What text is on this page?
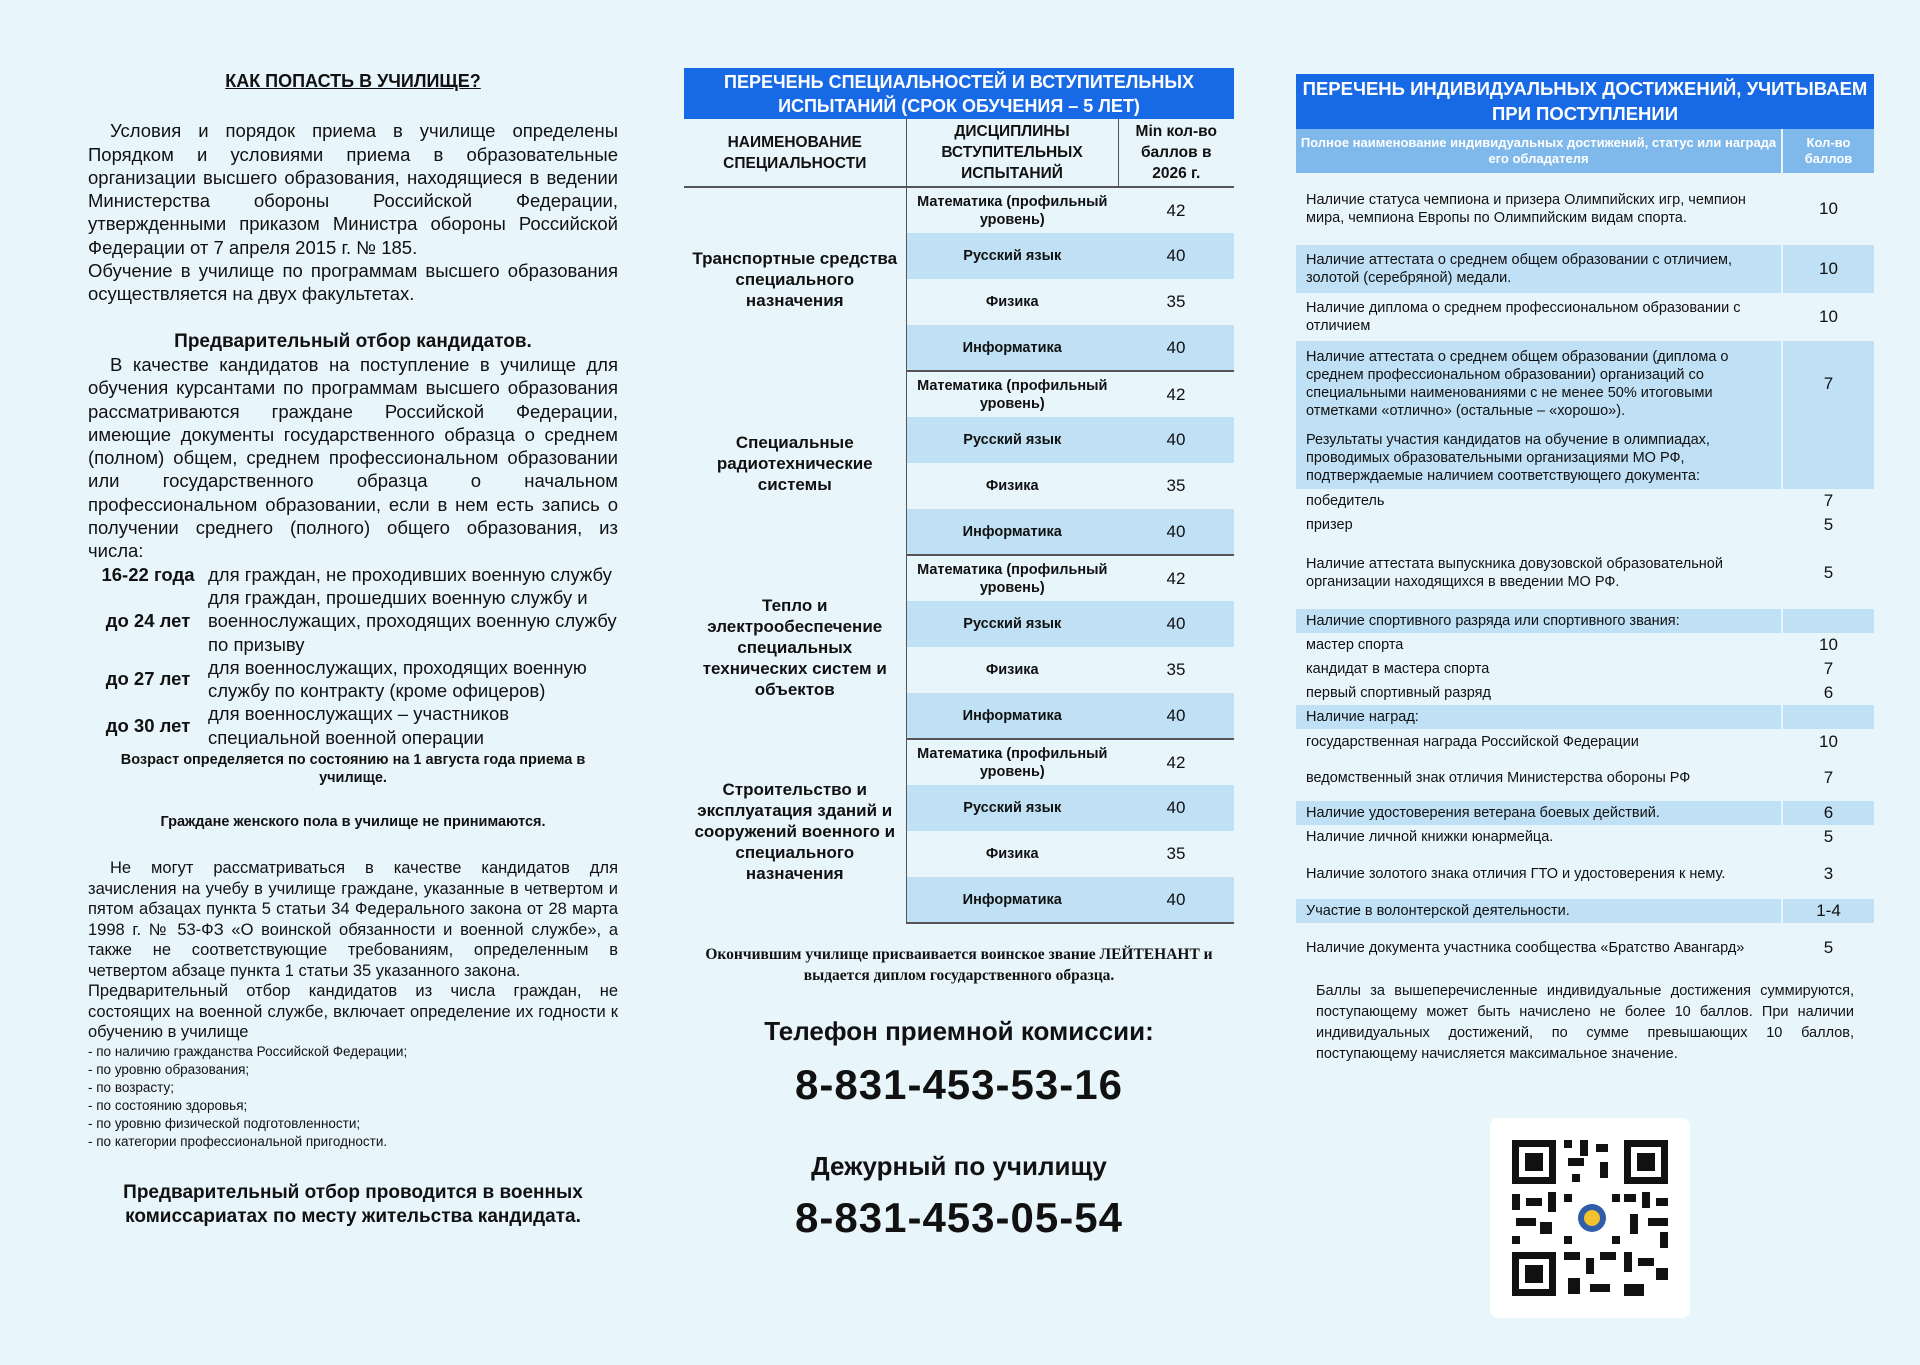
КАК ПОПАСТЬ В УЧИЛИЩЕ?

Условия и порядок приема в училище определены Порядком и условиями приема в образовательные организации высшего образования, находящиеся в ведении Министерства обороны Российской Федерации, утвержденными приказом Министра обороны Российской Федерации от 7 апреля 2015 г. № 185.

Обучение в училище по программам высшего образования осуществляется на двух факультетах.

Предварительный отбор кандидатов.

В качестве кандидатов на поступление в училище для обучения курсантами по программам высшего образования рассматриваются граждане Российской Федерации, имеющие документы государственного образца о среднем (полном) общем, среднем профессиональном образовании или государственного образца о начальном профессиональном образовании, если в нем есть запись о получении среднего (полного) общего образования, из числа:

16-22 года	для граждан, не проходивших военную службу
до 24 лет	для граждан, прошедших военную службу и военнослужащих, проходящих военную службу по призыву
до 27 лет	для военнослужащих, проходящих военную службу по контракту (кроме офицеров)
до 30 лет	для военнослужащих – участников специальной военной операции
Возраст определяется по состоянию на 1 августа года приема в училище.
Граждане женского пола в училище не принимаются.

Не могут рассматриваться в качестве кандидатов для зачисления на учебу в училище граждане, указанные в четвертом и пятом абзацах пункта 5 статьи 34 Федерального закона от 28 марта 1998 г. № 53-ФЗ «О воинской обязанности и военной службе», а также не соответствующие требованиям, определенным в четвертом абзаце пункта 1 статьи 35 указанного закона.

Предварительный отбор кандидатов из числа граждан, не состоящих на военной службе, включает определение их годности к обучению в училище

- по наличию гражданства Российской Федерации;
- по уровню образования;
- по возрасту;
- по состоянию здоровья;
- по уровню физической подготовленности;
- по категории профессиональной пригодности.
Предварительный отбор проводится в военных комиссариатах по месту жительства кандидата.
ПЕРЕЧЕНЬ СПЕЦИАЛЬНОСТЕЙ И ВСТУПИТЕЛЬНЫХ ИСПЫТАНИЙ (СРОК ОБУЧЕНИЯ – 5 ЛЕТ)
НАИМЕНОВАНИЕ СПЕЦИАЛЬНОСТИ	ДИСЦИПЛИНЫ ВСТУПИТЕЛЬНЫХ ИСПЫТАНИЙ	Min кол-во баллов в 2026 г.
Транспортные средства специального назначения	Математика (профильный уровень)	42
	Русский язык	40
	Физика	35
	Информатика	40
Специальные радиотехнические системы	Математика (профильный уровень)	42
	Русский язык	40
	Физика	35
	Информатика	40
Тепло и электрообеспечение специальных технических систем и объектов	Математика (профильный уровень)	42
	Русский язык	40
	Физика	35
	Информатика	40
Строительство и эксплуатация зданий и сооружений военного и специального назначения	Математика (профильный уровень)	42
	Русский язык	40
	Физика	35
	Информатика	40
Окончившим училище присваивается воинское звание ЛЕЙТЕНАНТ и выдается диплом государственного образца.
Телефон приемной комиссии:
8-831-453-53-16
Дежурный по училищу
8-831-453-05-54
ПЕРЕЧЕНЬ ИНДИВИДУАЛЬНЫХ ДОСТИЖЕНИЙ, УЧИТЫВАЕМ ПРИ ПОСТУПЛЕНИИ
Полное наименование индивидуальных достижений, статус или награда его обладателя	Кол-во баллов
Наличие статуса чемпиона и призера Олимпийских игр, чемпион мира, чемпиона Европы по Олимпийским видам спорта.	10
Наличие аттестата о среднем общем образовании с отличием, золотой (серебряной) медали.	10
Наличие диплома о среднем профессиональном образовании с отличием	10
Наличие аттестата о среднем общем образовании (диплома о среднем профессиональном образовании) организаций со специальными наименованиями с не менее 50% итоговыми отметками «отлично» (остальные – «хорошо»).	7
Результаты участия кандидатов на обучение в олимпиадах, проводимых образовательными организациями МО РФ, подтверждаемые наличием соответствующего документа:	
победитель	7
призер	5
Наличие аттестата выпускника довузовской образовательной организации находящихся в введении МО РФ.	5
Наличие спортивного разряда или спортивного звания:	
мастер спорта	10
кандидат в мастера спорта	7
первый спортивный разряд	6
Наличие наград:	
государственная награда Российской Федерации	10
ведомственный знак отличия Министерства обороны РФ	7
Наличие удостоверения ветерана боевых действий.	6
Наличие личной книжки юнармейца.	5
Наличие золотого знака отличия ГТО и удостоверения к нему.	3
Участие в волонтерской деятельности.	1-4
Наличие документа участника сообщества «Братство Авангард»	5
Баллы за вышеперечисленные индивидуальные достижения суммируются, поступающему может быть начислено не более 10 баллов. При наличии индивидуальных достижений, по сумме превышающих 10 баллов, поступающему начисляется максимальное значение.
